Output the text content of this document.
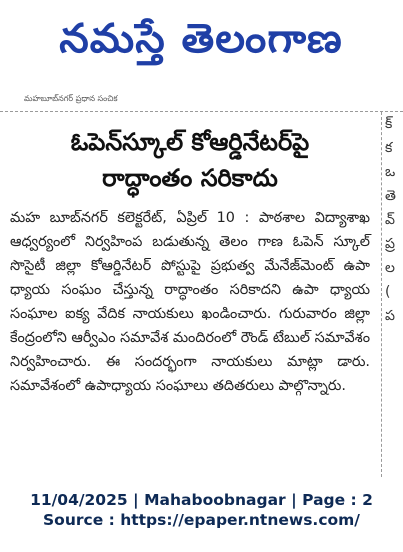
నమస్తే తెలంగాణ
మహబూబ్‌నగర్ ప్రధాన సంచిక
ఓపెన్‌స్కూల్ కోఆర్డినేటర్‌పై
రాద్ధాంతం సరికాదు
మహ బూబ్‌నగర్ కలెక్టరేట్, ఏప్రిల్ 10 : పాఠశాల విద్యాశాఖ ఆధ్వర్యంలో నిర్వహింప బడుతున్న తెలం గాణ ఓపెన్ స్కూల్ సొసైటీ జిల్లా కోఆర్డినేటర్ పోస్టుపై ప్రభుత్వ మేనేజ్‌మెంట్ ఉపా ధ్యాయ సంఘం చేస్తున్న రాద్ధాంతం సరికాదని ఉపా ధ్యాయ సంఘాల ఐక్య వేదిక నాయకులు ఖండించారు. గురువారం జిల్లా కేంద్రంలోని ఆర్వీఎం సమావేశ మందిరంలో రౌండ్ టేబుల్ సమావేశం నిర్వహించారు. ఈ సందర్భంగా నాయకులు మాట్లా డారు. సమావేశంలో ఉపాధ్యాయ సంఘాలు తదితరులు పాల్గొన్నారు.
క్
క
ఒ
తె
వ్
ప్ర
ల
(
ప
11/04/2025 | Mahaboobnagar | Page : 2
Source : https://epaper.ntnews.com/
